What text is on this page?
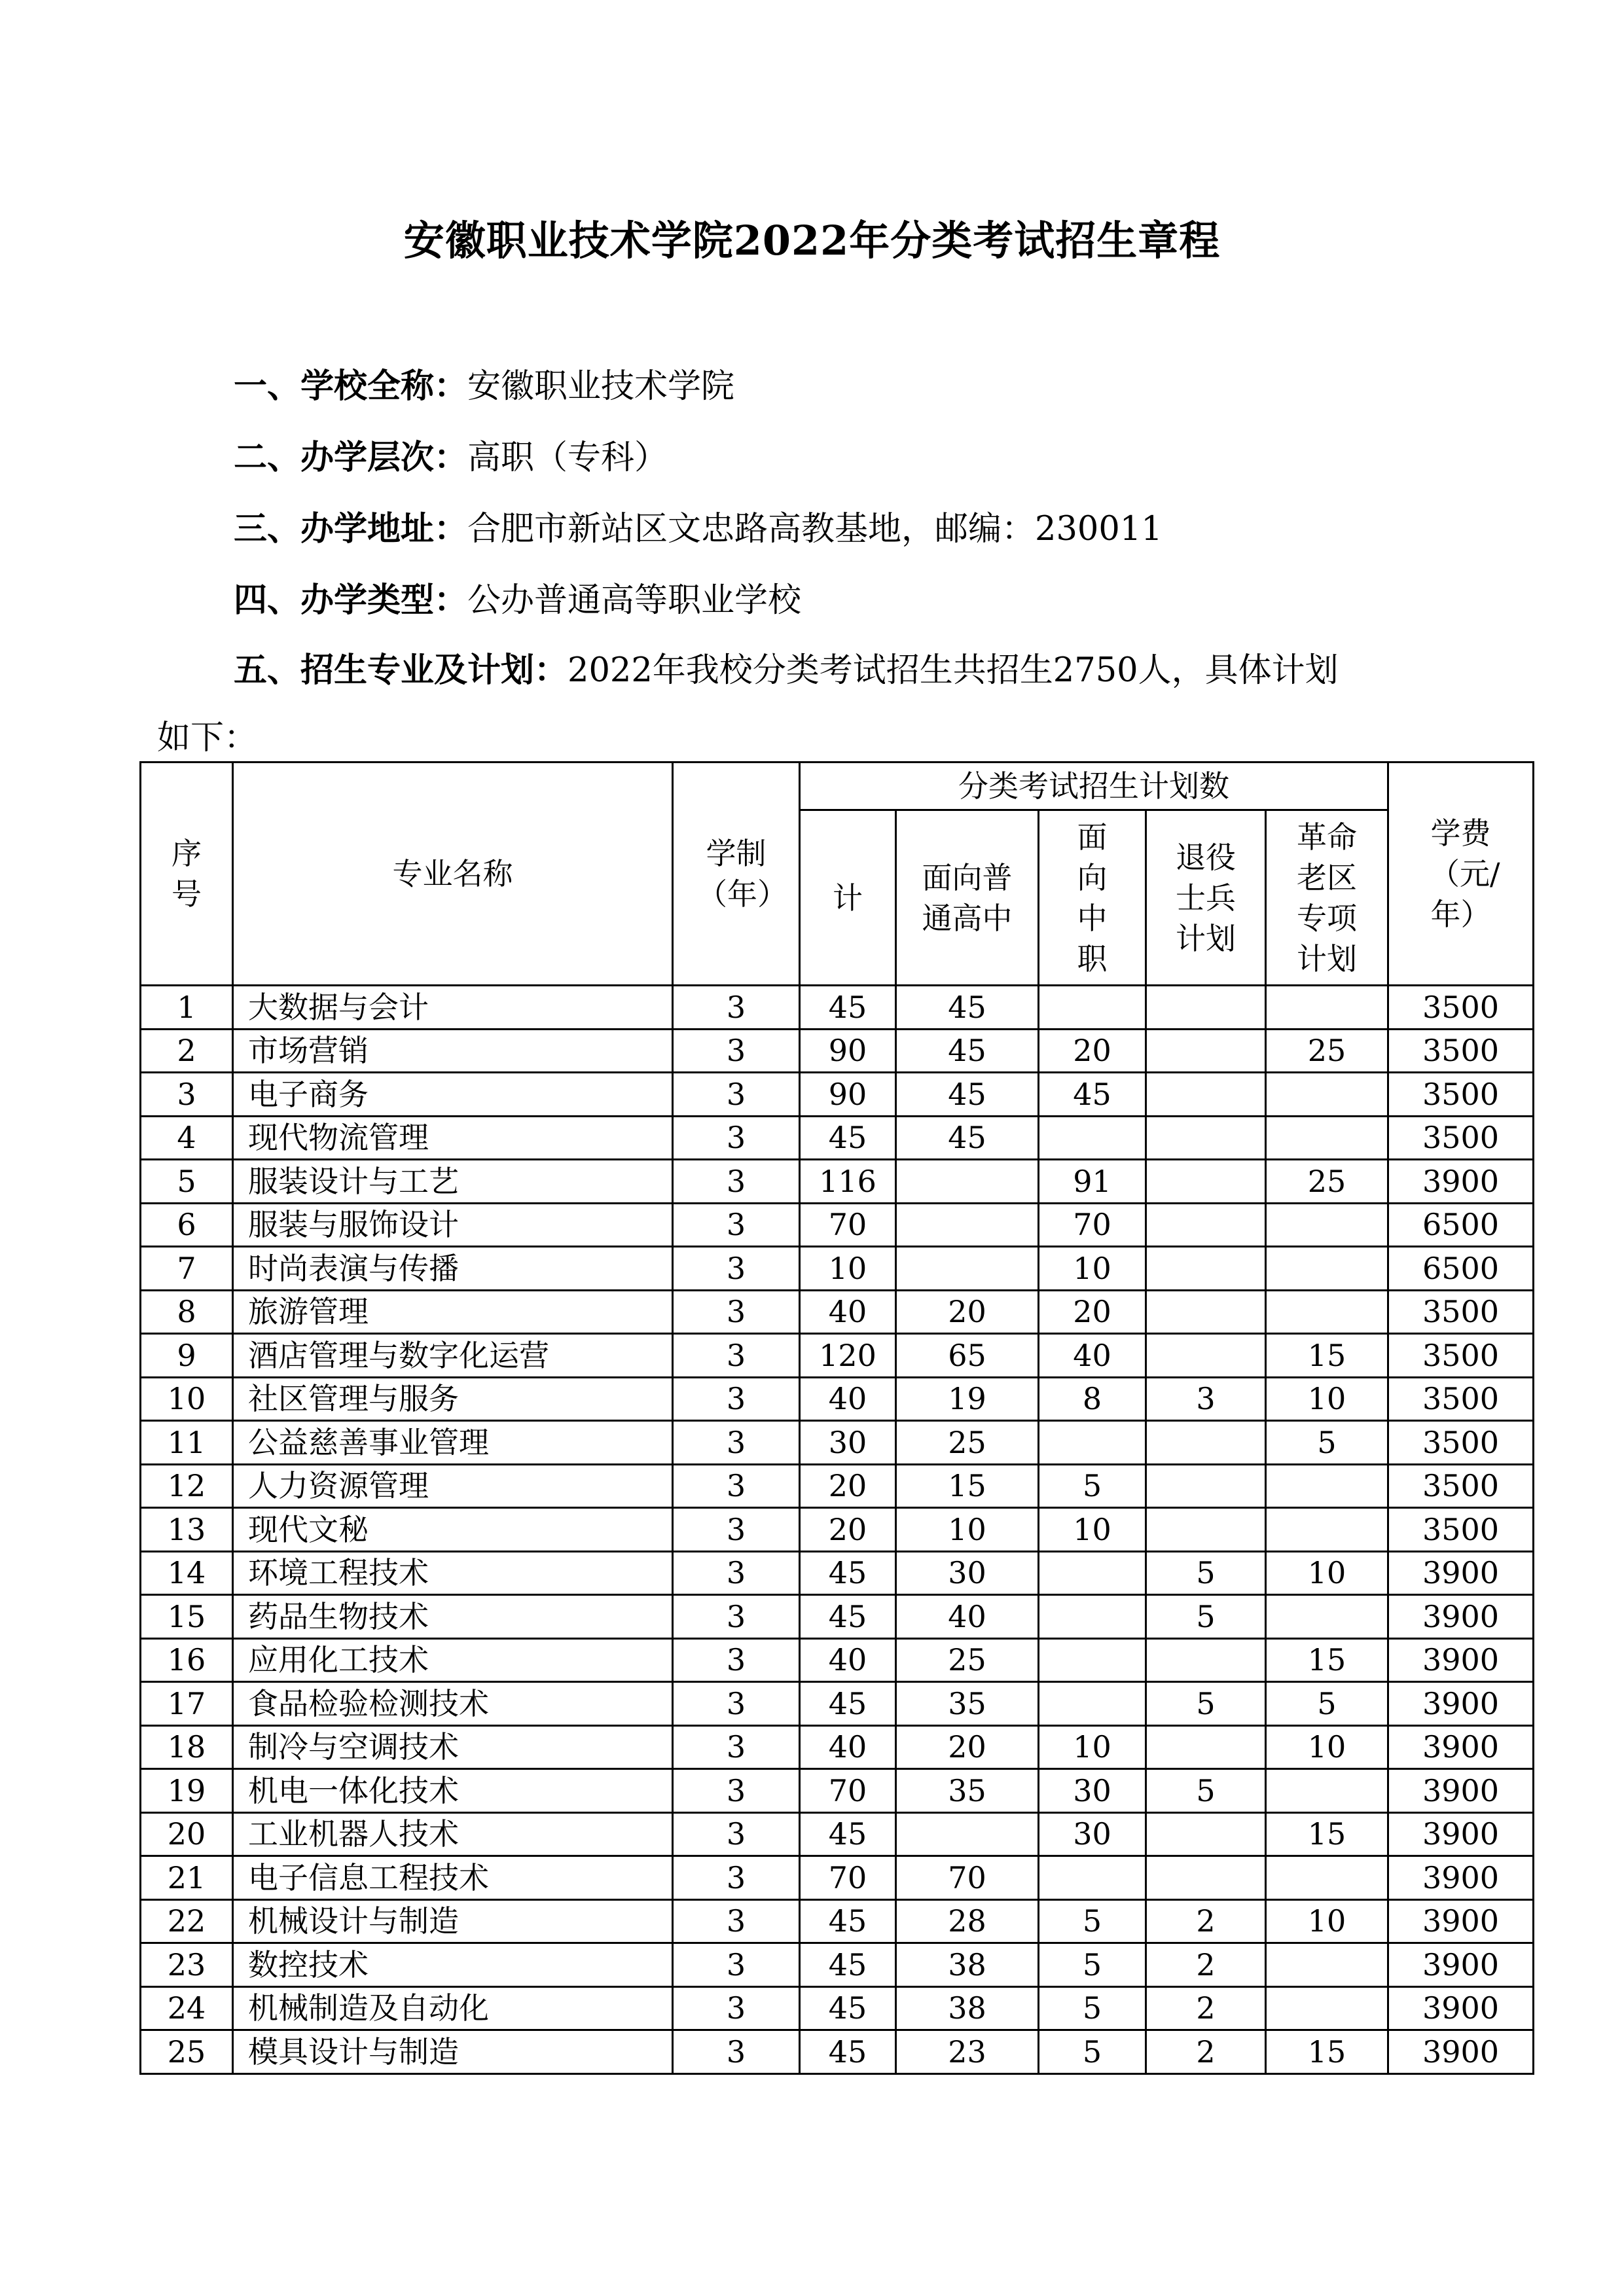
安徽职业技术学院2022年分类考试招生章程
一、学校全称：安徽职业技术学院
二、办学层次：高职（专科）
三、办学地址：合肥市新站区文忠路高教基地，邮编：230011
四、办学类型：公办普通高等职业学校
五、招生专业及计划：2022年我校分类考试招生共招生2750人，具体计划
如下：
序号	专业名称	学制（年）	分类考试招生计划数					学费（元/年）
			计	面向普通高中	面向中职	退役士兵计划	革命老区专项计划	
1	大数据与会计	3	45	45				3500
2	市场营销	3	90	45	20		25	3500
3	电子商务	3	90	45	45			3500
4	现代物流管理	3	45	45				3500
5	服装设计与工艺	3	116		91		25	3900
6	服装与服饰设计	3	70		70			6500
7	时尚表演与传播	3	10		10			6500
8	旅游管理	3	40	20	20			3500
9	酒店管理与数字化运营	3	120	65	40		15	3500
10	社区管理与服务	3	40	19	8	3	10	3500
11	公益慈善事业管理	3	30	25			5	3500
12	人力资源管理	3	20	15	5			3500
13	现代文秘	3	20	10	10			3500
14	环境工程技术	3	45	30		5	10	3900
15	药品生物技术	3	45	40		5		3900
16	应用化工技术	3	40	25			15	3900
17	食品检验检测技术	3	45	35		5	5	3900
18	制冷与空调技术	3	40	20	10		10	3900
19	机电一体化技术	3	70	35	30	5		3900
20	工业机器人技术	3	45		30		15	3900
21	电子信息工程技术	3	70	70				3900
22	机械设计与制造	3	45	28	5	2	10	3900
23	数控技术	3	45	38	5	2		3900
24	机械制造及自动化	3	45	38	5	2		3900
25	模具设计与制造	3	45	23	5	2	15	3900
